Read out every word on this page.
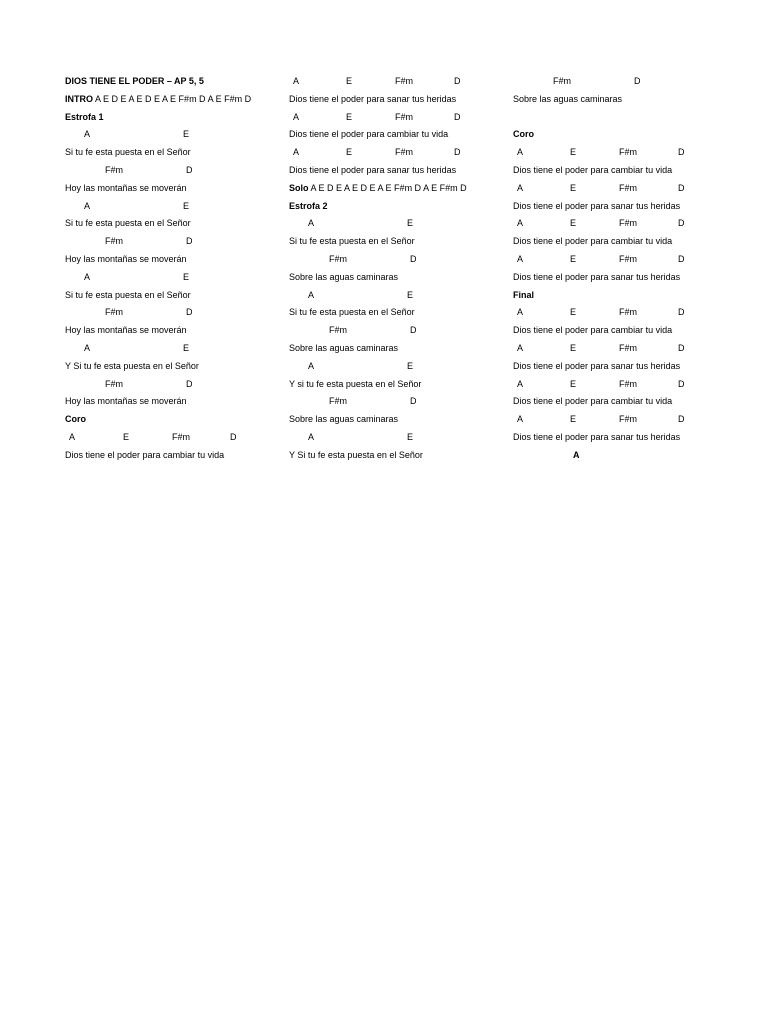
DIOS TIENE EL PODER – AP 5, 5
INTRO A E D E A E D E A E F#m D A E F#m D
Estrofa 1
A	E
Si tu fe esta puesta en el Señor
F#m	D
Hoy las montañas se moverán
A	E
Si tu fe esta puesta en el Señor
F#m	D
Hoy las montañas se moverán
A	E
Si tu fe esta puesta en el Señor
F#m	D
Hoy las montañas se moverán
A	E
Y Si tu fe esta puesta en el Señor
F#m	D
Hoy las montañas se moverán
Coro
A	E	F#m	D
Dios tiene el poder para cambiar tu vida
A	E	F#m	D
Dios tiene el poder para sanar tus heridas
A	E	F#m	D
Dios tiene el poder para cambiar tu vida
A	E	F#m	D
Dios tiene el poder para sanar tus heridas
Solo A E D E A E D E A E F#m D A E F#m D
Estrofa 2
A	E
Si tu fe esta puesta en el Señor
F#m	D
Sobre las aguas caminaras
A	E
Si tu fe esta puesta en el Señor
F#m	D
Sobre las aguas caminaras
A	E
Y si tu fe esta puesta en el Señor
F#m	D
Sobre las aguas caminaras
A	E
Y Si tu fe esta puesta en el Señor
F#m	D
Sobre las aguas caminaras
Coro
A	E	F#m	D
Dios tiene el poder para cambiar tu vida
A	E	F#m	D
Dios tiene el poder para sanar tus heridas
A	E	F#m	D
Dios tiene el poder para cambiar tu vida
A	E	F#m	D
Dios tiene el poder para sanar tus heridas
Final
A	E	F#m	D
Dios tiene el poder para cambiar tu vida
A	E	F#m	D
Dios tiene el poder para sanar tus heridas
A	E	F#m	D
Dios tiene el poder para cambiar tu vida
A	E	F#m	D
Dios tiene el poder para sanar tus heridas
A
